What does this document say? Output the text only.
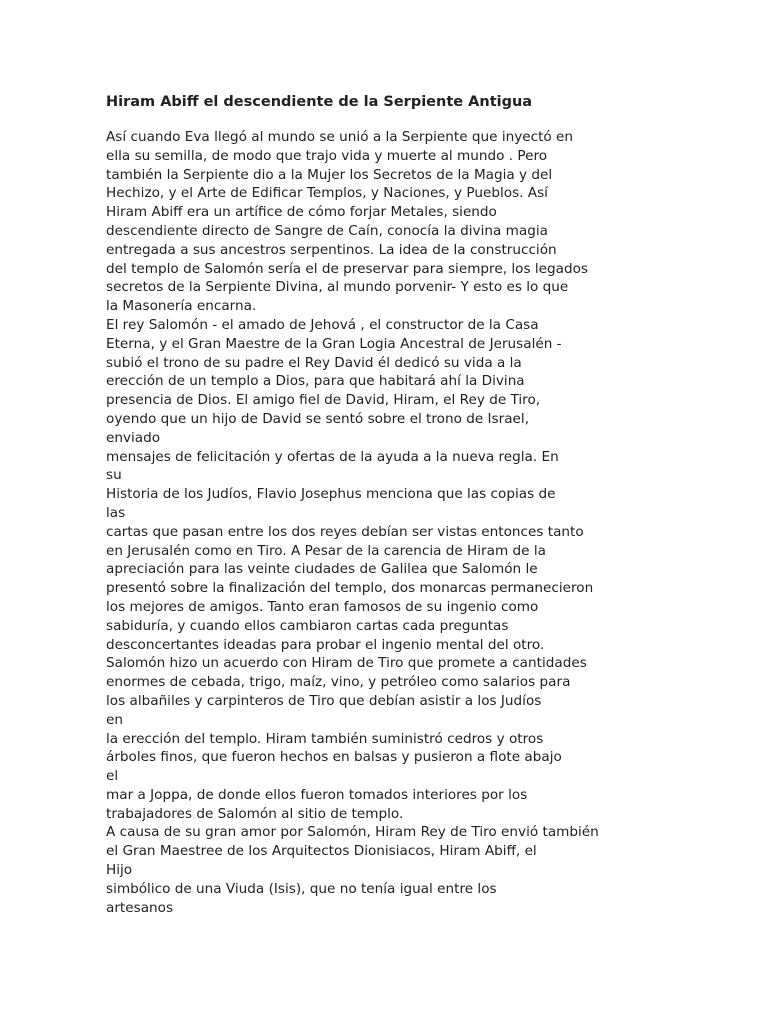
Hiram Abiff el descendiente de la Serpiente Antigua
Así cuando Eva llegó al mundo se unió a la Serpiente que inyectó en
ella su semilla, de modo que trajo vida y muerte al mundo . Pero
también la Serpiente dio a la Mujer los Secretos de la Magia y del
Hechizo, y el Arte de Edificar Templos, y Naciones, y Pueblos. Así
Hiram Abiff era un artífice de cómo forjar Metales, siendo
descendiente directo de Sangre de Caín, conocía la divina magia
entregada a sus ancestros serpentinos. La idea de la construcción
del templo de Salomón sería el de preservar para siempre, los legados
secretos de la Serpiente Divina, al mundo porvenir- Y esto es lo que
la Masonería encarna.
El rey Salomón - el amado de Jehová , el constructor de la Casa
Eterna, y el Gran Maestre de la Gran Logia Ancestral de Jerusalén -
subió el trono de su padre el Rey David él dedicó su vida a la
erección de un templo a Dios, para que habitará ahí la Divina
presencia de Dios. El amigo fiel de David, Hiram, el Rey de Tiro,
oyendo que un hijo de David se sentó sobre el trono de Israel,
enviado
mensajes de felicitación y ofertas de la ayuda a la nueva regla. En
su
Historia de los Judíos, Flavio Josephus menciona que las copias de
las
cartas que pasan entre los dos reyes debían ser vistas entonces tanto
en Jerusalén como en Tiro. A Pesar de la carencia de Hiram de la
apreciación para las veinte ciudades de Galilea que Salomón le
presentó sobre la finalización del templo, dos monarcas permanecieron
los mejores de amigos. Tanto eran famosos de su ingenio como
sabiduría, y cuando ellos cambiaron cartas cada preguntas
desconcertantes ideadas para probar el ingenio mental del otro.
Salomón hizo un acuerdo con Hiram de Tiro que promete a cantidades
enormes de cebada, trigo, maíz, vino, y petróleo como salarios para
los albañiles y carpinteros de Tiro que debían asistir a los Judíos
en
la erección del templo. Hiram también suministró cedros y otros
árboles finos, que fueron hechos en balsas y pusieron a flote abajo
el
mar a Joppa, de donde ellos fueron tomados interiores por los
trabajadores de Salomón al sitio de templo.
A causa de su gran amor por Salomón, Hiram Rey de Tiro envió también
el Gran Maestree de los Arquitectos Dionisiacos, Hiram Abiff, el
Hijo
simbólico de una Viuda (Isis), que no tenía igual entre los
artesanos
